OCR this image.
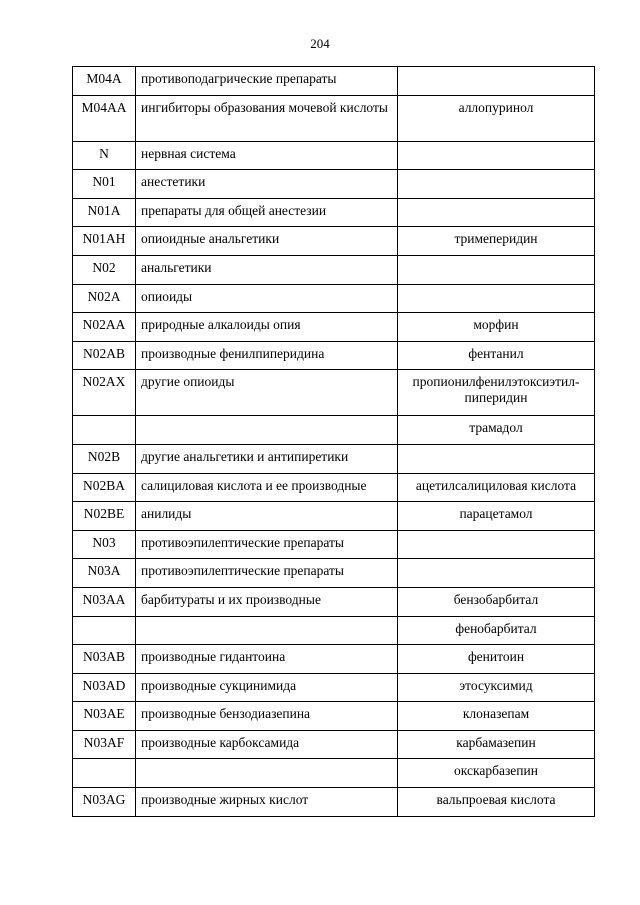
204
M04A	противоподагрические препараты	
M04AA	ингибиторы образования мочевой кислоты	аллопуринол
N	нервная система	
N01	анестетики	
N01A	препараты для общей анестезии	
N01AH	опиоидные анальгетики	тримеперидин
N02	анальгетики	
N02A	опиоиды	
N02AA	природные алкалоиды опия	морфин
N02AB	производные фенилпиперидина	фентанил
N02AX	другие опиоиды	пропионилфенилэтоксиэтил-пиперидин
		трамадол
N02B	другие анальгетики и антипиретики	
N02BA	салициловая кислота и ее производные	ацетилсалициловая кислота
N02BE	анилиды	парацетамол
N03	противоэпилептические препараты	
N03A	противоэпилептические препараты	
N03AA	барбитураты и их производные	бензобарбитал
		фенобарбитал
N03AB	производные гидантоина	фенитоин
N03AD	производные сукцинимида	этосуксимид
N03AE	производные бензодиазепина	клоназепам
N03AF	производные карбоксамида	карбамазепин
		окскарбазепин
N03AG	производные жирных кислот	вальпроевая кислота
